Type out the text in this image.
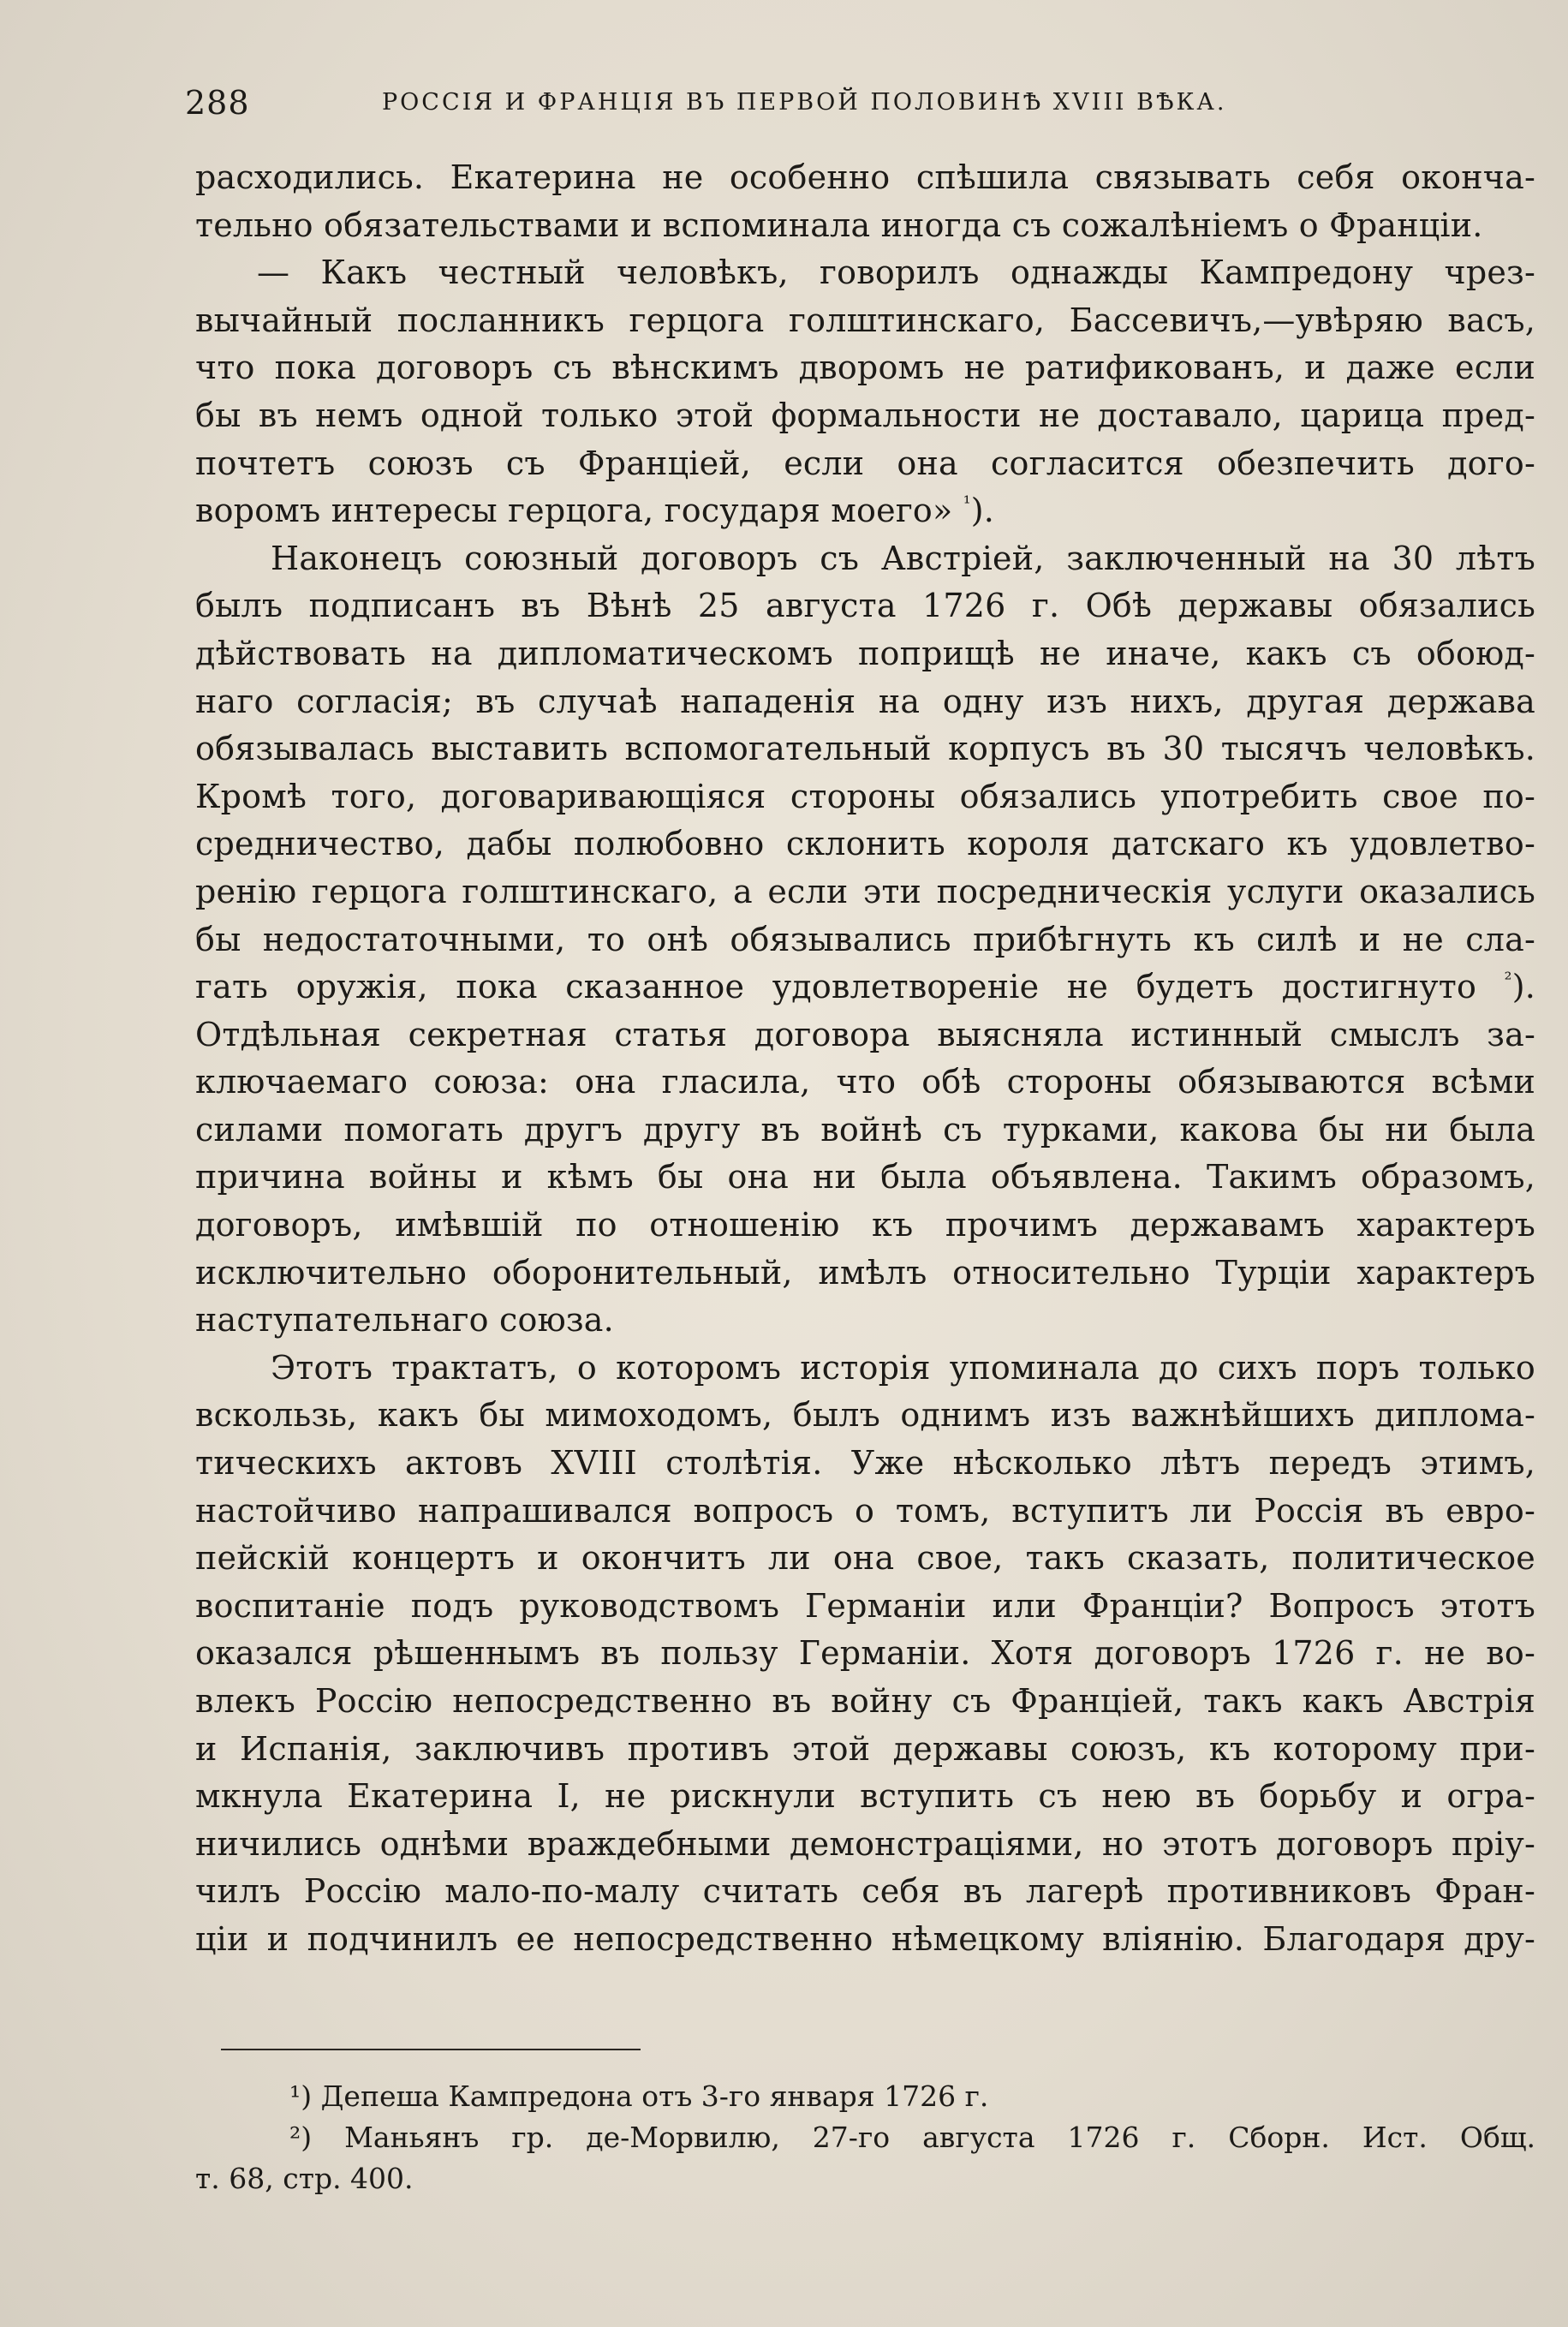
288	РОССІЯ И ФРАНЦІЯ ВЪ ПЕРВОЙ ПОЛОВИНѢ XVIII ВѢКА.
расходились. Екатерина не особенно спѣшила связывать себя оконча-
тельно обязательствами и вспоминала иногда съ сожалѣніемъ о Франціи.
— Какъ честный человѣкъ, говорилъ однажды Кампредону чрез-
вычайный посланникъ герцога голштинскаго, Бассевичъ,—увѣряю васъ,
что пока договоръ съ вѣнскимъ дворомъ не ратификованъ, и даже если
бы въ немъ одной только этой формальности не доставало, царица пред-
почтетъ союзъ съ Франціей, если она согласится обезпечить дого-
воромъ интересы герцога, государя моего» $^{^1}$).
Наконецъ союзный договоръ съ Австріей, заключенный на 30 лѣтъ
былъ подписанъ въ Вѣнѣ 25 августа 1726 г. Обѣ державы обязались
дѣйствовать на дипломатическомъ поприщѣ не иначе, какъ съ обоюд-
наго согласія; въ случаѣ нападенія на одну изъ нихъ, другая держава
обязывалась выставить вспомогательный корпусъ въ 30 тысячъ человѣкъ.
Кромѣ того, договаривающіяся стороны обязались употребить свое по-
средничество, дабы полюбовно склонить короля датскаго къ удовлетво-
ренію герцога голштинскаго, а если эти посредническія услуги оказались
бы недостаточными, то онѣ обязывались прибѣгнуть къ силѣ и не сла-
гать оружія, пока сказанное удовлетвореніе не будетъ достигнуто $^{^2}$).
Отдѣльная секретная статья договора выясняла истинный смыслъ за-
ключаемаго союза: она гласила, что обѣ стороны обязываются всѣми
силами помогать другъ другу въ войнѣ съ турками, какова бы ни была
причина войны и кѣмъ бы она ни была объявлена. Такимъ образомъ,
договоръ, имѣвшій по отношенію къ прочимъ державамъ характеръ
исключительно оборонительный, имѣлъ относительно Турціи характеръ
наступательнаго союза.
Этотъ трактатъ, о которомъ исторія упоминала до сихъ поръ только
вскользь, какъ бы мимоходомъ, былъ однимъ изъ важнѣйшихъ диплома-
тическихъ актовъ XVIII столѣтія. Уже нѣсколько лѣтъ передъ этимъ,
настойчиво напрашивался вопросъ о томъ, вступитъ ли Россія въ евро-
пейскій концертъ и окончитъ ли она свое, такъ сказать, политическое
воспитаніе подъ руководствомъ Германіи или Франціи? Вопросъ этотъ
оказался рѣшеннымъ въ пользу Германіи. Хотя договоръ 1726 г. не во-
влекъ Россію непосредственно въ войну съ Франціей, такъ какъ Австрія
и Испанія, заключивъ противъ этой державы союзъ, къ которому при-
мкнула Екатерина I, не рискнули вступить съ нею въ борьбу и огра-
ничились однѣми враждебными демонстраціями, но этотъ договоръ пріу-
чилъ Россію мало-по-малу считать себя въ лагерѣ противниковъ Фран-
ціи и подчинилъ ее непосредственно нѣмецкому вліянію. Благодаря дру-
¹) Депеша Кампредона отъ 3-го января 1726 г.
²) Маньянъ гр. де-Морвилю, 27-го августа 1726 г. Сборн. Ист. Общ.
т. 68, стр. 400.
